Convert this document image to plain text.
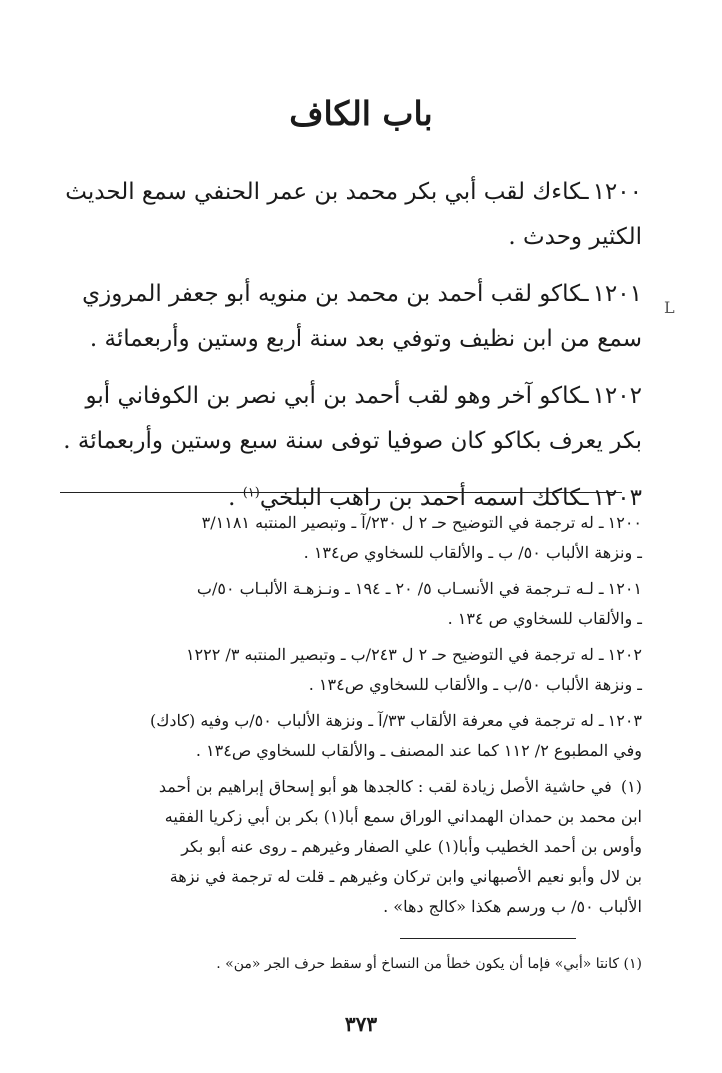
باب الكاف
١٢٠٠ـكاءك لقب أبي بكر محمد بن عمر الحنفي سمع الحديث
الكثير وحدث .
١٢٠١ـكاكو لقب أحمد بن محمد بن منويه أبو جعفر المروزي
سمع من ابن نظيف وتوفي بعد سنة أربع وستين وأربعمائة .
١٢٠٢ـكاكو آخر وهو لقب أحمد بن أبي نصر بن الكوفاني أبو
بكر يعرف بكاكو كان صوفيا توفى سنة سبع وستين وأربعمائة .
١٢٠٣ـكاكك اسمه أحمد بن راهب البلخي$^{(١)}$ .
L
١٢٠٠ـ له ترجمة في التوضيح حـ ٢ ل ٢٣٠/آ ـ وتبصير المنتبه ٣/١١٨١
ـ ونزهة الألباب ٥٠/ ب ـ والألقاب للسخاوي ص١٣٤ .
١٢٠١ـ لـه تـرجمة في الأنسـاب ٥/ ٢٠ ـ ١٩٤ ـ ونـزهـة الألبـاب ٥٠/ب
ـ والألقاب للسخاوي ص ١٣٤ .
١٢٠٢ـ له ترجمة في التوضيح حـ ٢ ل ٢٤٣/ب ـ وتبصير المنتبه ٣/ ١٢٢٢
ـ ونزهة الألباب ٥٠/ب ـ والألقاب للسخاوي ص١٣٤ .
١٢٠٣ـ له ترجمة في معرفة الألقاب ٣٣/آ ـ ونزهة الألباب ٥٠/ب وفيه (كادك)
وفي المطبوع ٢/ ١١٢ كما عند المصنف ـ والألقاب للسخاوي ص١٣٤ .
(١) في حاشية الأصل زيادة لقب : كالجدها هو أبو إسحاق إبراهيم بن أحمد
ابن محمد بن حمدان الهمداني الوراق سمع أبا(١) بكر بن أبي زكريا الفقيه
وأوس بن أحمد الخطيب وأبا(١) علي الصفار وغيرهم ـ روى عنه أبو بكر
بن لال وأبو نعيم الأصبهاني وابن تركان وغيرهم ـ قلت له ترجمة في نزهة
الألباب ٥٠/ ب ورسم هكذا «كالج دها» .
(١) كانتا «أبي» فإما أن يكون خطأ من النساخ أو سقط حرف الجر «من» .
٣٧٣
